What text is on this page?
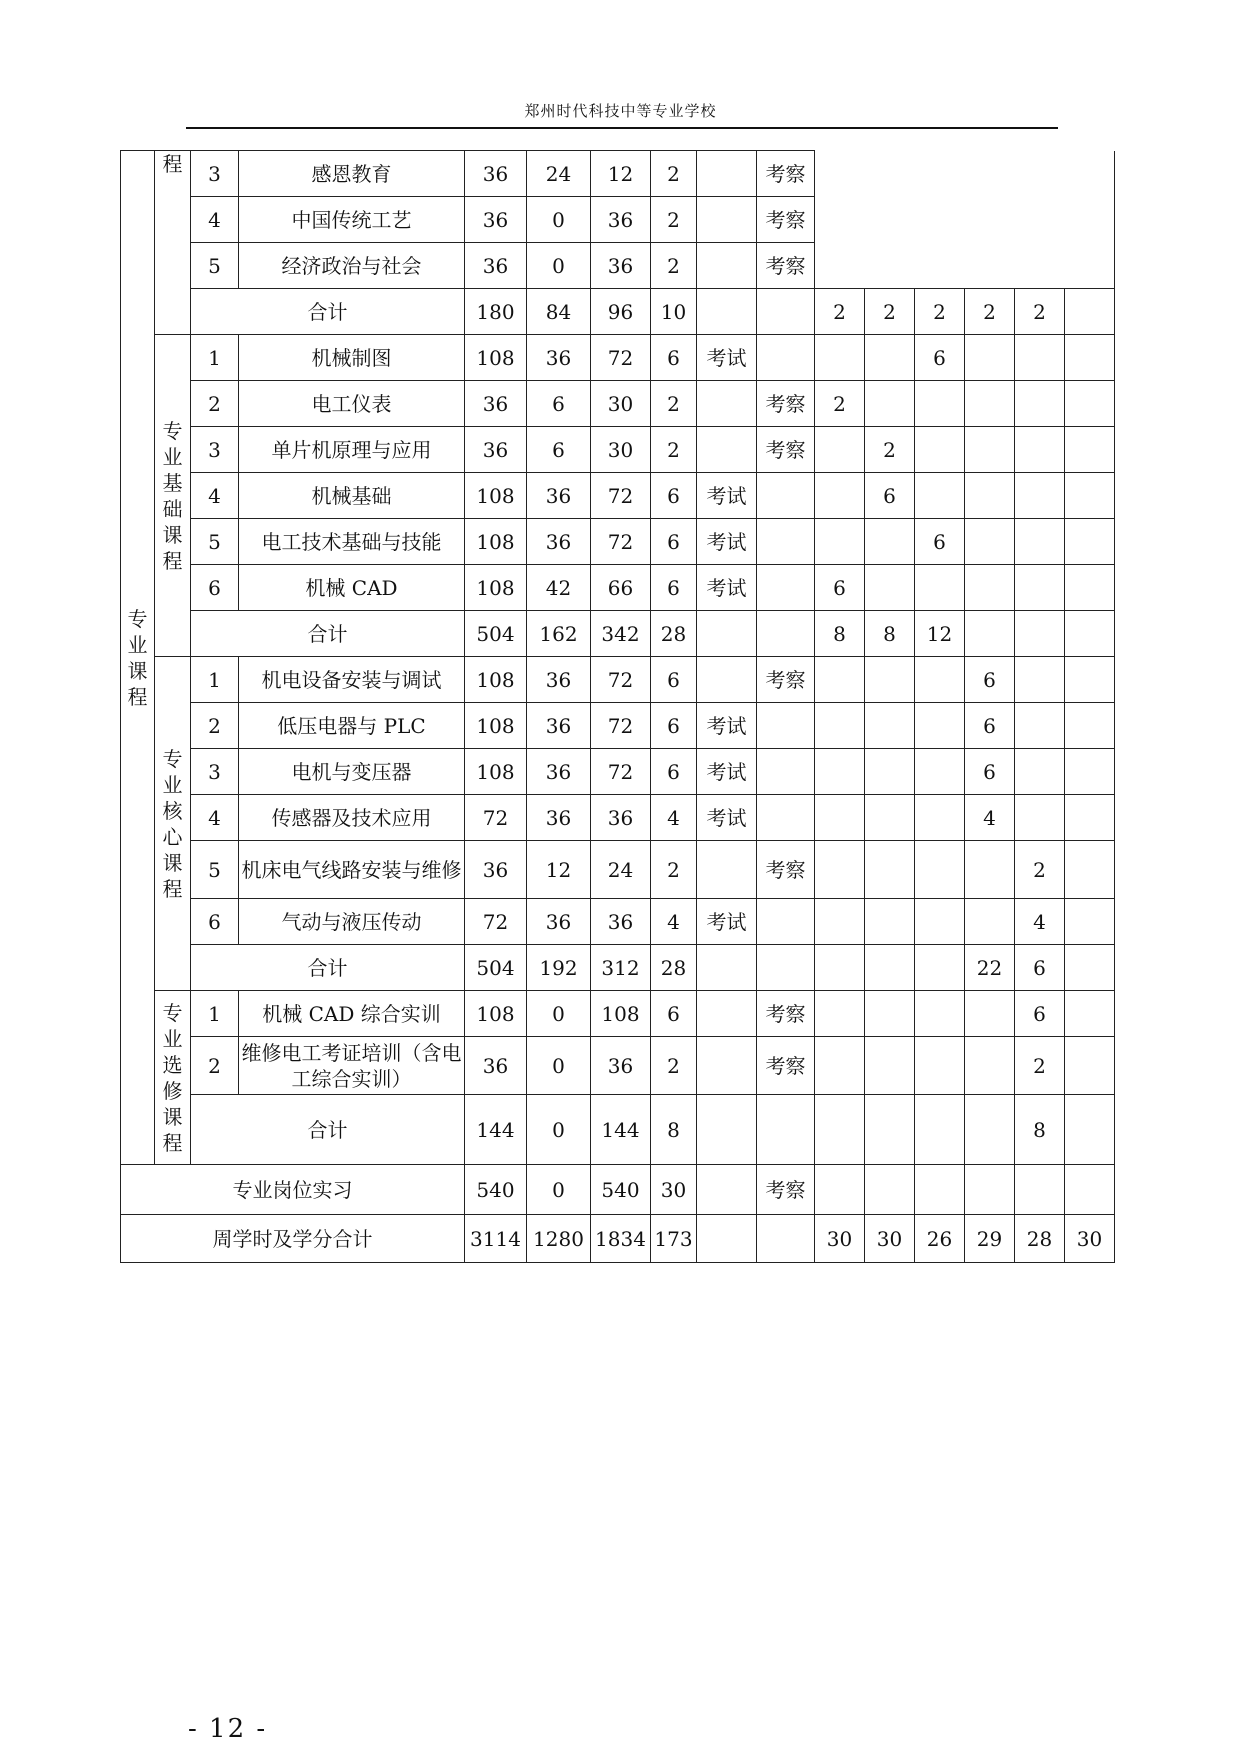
郑州时代科技中等专业学校
专业课程	程	3	感恩教育	36	24	12	2		考察						
		4	中国传统工艺	36	0	36	2		考察						
		5	经济政治与社会	36	0	36	2		考察						
		合计		180	84	96	10			2	2	2	2	2	
	专业基础课程	1	机械制图	108	36	72	6	考试				6			
		2	电工仪表	36	6	30	2		考察	2					
		3	单片机原理与应用	36	6	30	2		考察		2				
		4	机械基础	108	36	72	6	考试			6				
		5	电工技术基础与技能	108	36	72	6	考试				6			
		6	机械 CAD	108	42	66	6	考试		6					
		合计		504	162	342	28			8	8	12			
	专业核心课程	1	机电设备安装与调试	108	36	72	6		考察				6		
		2	低压电器与 PLC	108	36	72	6	考试					6		
		3	电机与变压器	108	36	72	6	考试					6		
		4	传感器及技术应用	72	36	36	4	考试					4		
		5	机床电气线路安装与维修	36	12	24	2		考察					2	
		6	气动与液压传动	72	36	36	4	考试						4	
		合计		504	192	312	28						22	6	
	专业选修课程	1	机械 CAD 综合实训	108	0	108	6		考察					6	
		2	维修电工考证培训（含电工综合实训）	36	0	36	2		考察					2	
		合计		144	0	144	8							8	
专业岗位实习				540	0	540	30		考察						
周学时及学分合计				3114	1280	1834	173			30	30	26	29	28	30
- 12 -
